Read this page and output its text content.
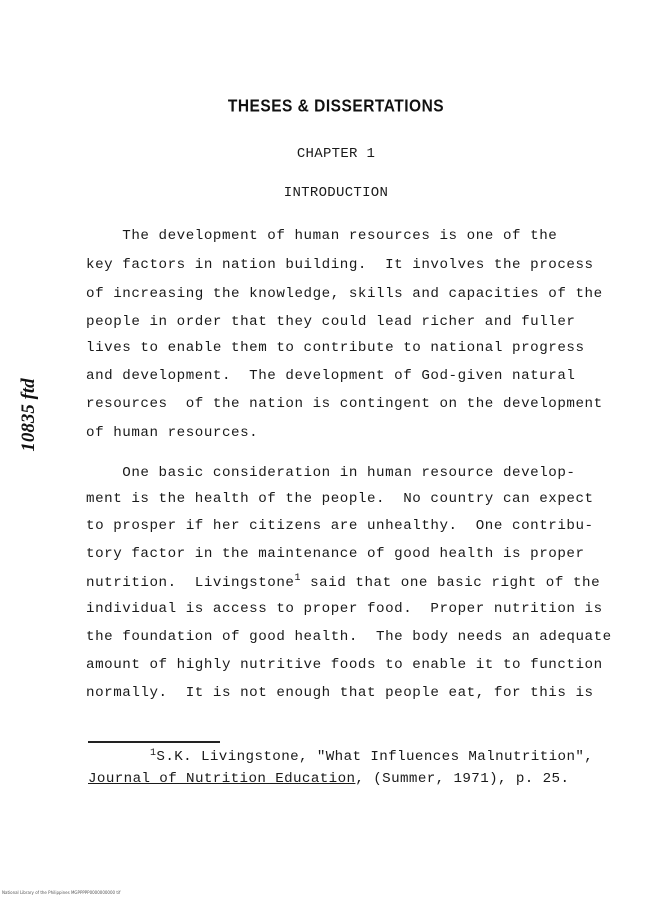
THESES & DISSERTATIONS
CHAPTER 1
INTRODUCTION
10835 ftd
The development of human resources is one of the
key factors in nation building.  It involves the process
of increasing the knowledge, skills and capacities of the
people in order that they could lead richer and fuller
lives to enable them to contribute to national progress
and development.  The development of God-given natural
resources  of the nation is contingent on the development
of human resources.
One basic consideration in human resource develop-
ment is the health of the people.  No country can expect
to prosper if her citizens are unhealthy.  One contribu-
tory factor in the maintenance of good health is proper
nutrition.  Livingstone$^1$ said that one basic right of the
individual is access to proper food.  Proper nutrition is
the foundation of good health.  The body needs an adequate
amount of highly nutritive foods to enable it to function
normally.  It is not enough that people eat, for this is
$^1$S.K. Livingstone, "What Influences Malnutrition",
Journal of Nutrition Education, (Summer, 1971), p. 25.
National Library of the Philippines MGPPPPP0000000000 tif
